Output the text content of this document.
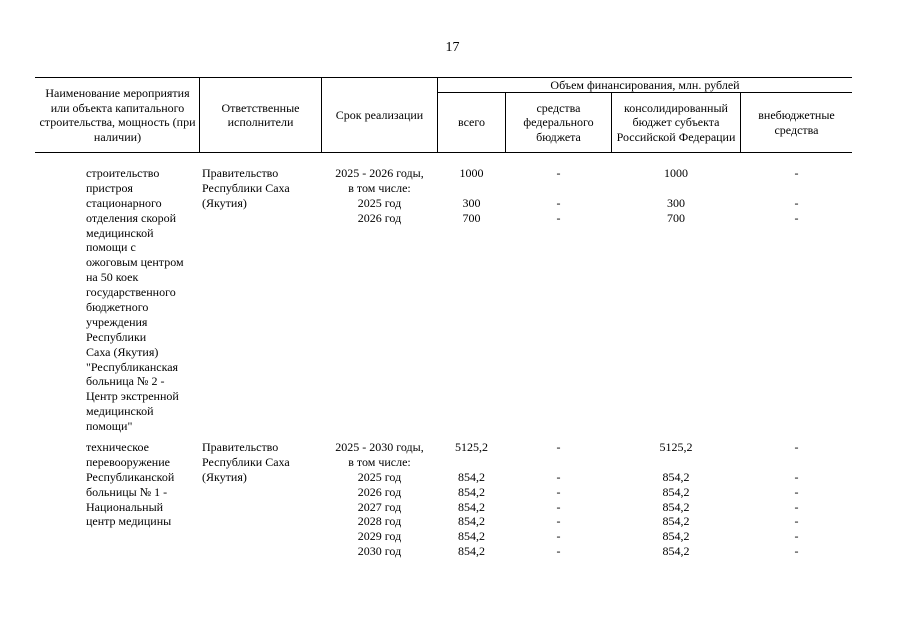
17
Наименование мероприятия или объекта капитального строительства, мощность (при наличии)
Ответственные исполнители
Срок реализации
Объем финансирования, млн. рублей
всего
средства федерального бюджета
консолидированный бюджет субъекта Российской Федерации
внебюджетные средства
строительство
пристроя
стационарного
отделения скорой
медицинской
помощи с
ожоговым центром
на 50 коек
государственного
бюджетного
учреждения
Республики
Саха (Якутия)
"Республиканская
больница № 2 -
Центр экстренной
медицинской
помощи"
Правительство
Республики Саха
(Якутия)
2025 - 2026 годы,
в том числе:
2025 год
2026 год
1000
300
700
-
-
-
1000
300
700
-
-
-
техническое
перевооружение
Республиканской
больницы № 1 -
Национальный
центр медицины
Правительство
Республики Саха
(Якутия)
2025 - 2030 годы,
в том числе:
2025 год
2026 год
2027 год
2028 год
2029 год
2030 год
5125,2
854,2
854,2
854,2
854,2
854,2
854,2
-
-
-
-
-
-
-
5125,2
854,2
854,2
854,2
854,2
854,2
854,2
-
-
-
-
-
-
-
